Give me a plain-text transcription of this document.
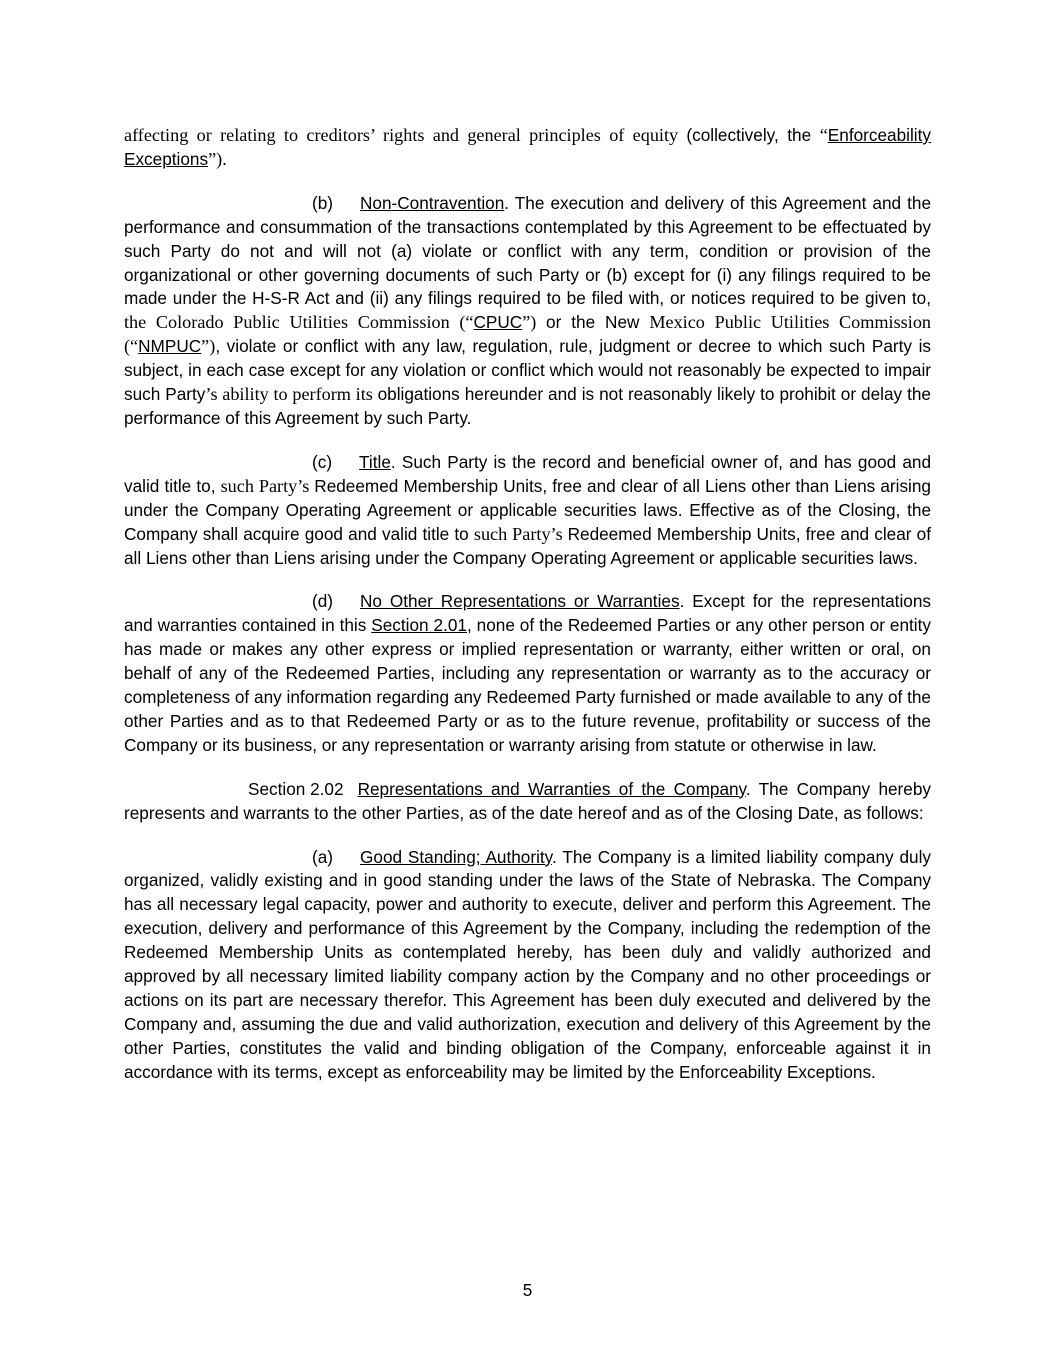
affecting or relating to creditors’ rights and general principles of equity (collectively, the “Enforceability Exceptions”).

(b) Non-Contravention. The execution and delivery of this Agreement and the performance and consummation of the transactions contemplated by this Agreement to be effectuated by such Party do not and will not (a) violate or conflict with any term, condition or provision of the organizational or other governing documents of such Party or (b) except for (i) any filings required to be made under the H-S-R Act and (ii) any filings required to be filed with, or notices required to be given to, the Colorado Public Utilities Commission (“CPUC”) or the New Mexico Public Utilities Commission (“NMPUC”), violate or conflict with any law, regulation, rule, judgment or decree to which such Party is subject, in each case except for any violation or conflict which would not reasonably be expected to impair such Party’s ability to perform its obligations hereunder and is not reasonably likely to prohibit or delay the performance of this Agreement by such Party.

(c) Title. Such Party is the record and beneficial owner of, and has good and valid title to, such Party’s Redeemed Membership Units, free and clear of all Liens other than Liens arising under the Company Operating Agreement or applicable securities laws. Effective as of the Closing, the Company shall acquire good and valid title to such Party’s Redeemed Membership Units, free and clear of all Liens other than Liens arising under the Company Operating Agreement or applicable securities laws.

(d) No Other Representations or Warranties. Except for the representations and warranties contained in this Section 2.01, none of the Redeemed Parties or any other person or entity has made or makes any other express or implied representation or warranty, either written or oral, on behalf of any of the Redeemed Parties, including any representation or warranty as to the accuracy or completeness of any information regarding any Redeemed Party furnished or made available to any of the other Parties and as to that Redeemed Party or as to the future revenue, profitability or success of the Company or its business, or any representation or warranty arising from statute or otherwise in law.

Section 2.02 Representations and Warranties of the Company. The Company hereby represents and warrants to the other Parties, as of the date hereof and as of the Closing Date, as follows:

(a) Good Standing; Authority. The Company is a limited liability company duly organized, validly existing and in good standing under the laws of the State of Nebraska. The Company has all necessary legal capacity, power and authority to execute, deliver and perform this Agreement. The execution, delivery and performance of this Agreement by the Company, including the redemption of the Redeemed Membership Units as contemplated hereby, has been duly and validly authorized and approved by all necessary limited liability company action by the Company and no other proceedings or actions on its part are necessary therefor. This Agreement has been duly executed and delivered by the Company and, assuming the due and valid authorization, execution and delivery of this Agreement by the other Parties, constitutes the valid and binding obligation of the Company, enforceable against it in accordance with its terms, except as enforceability may be limited by the Enforceability Exceptions.

5
